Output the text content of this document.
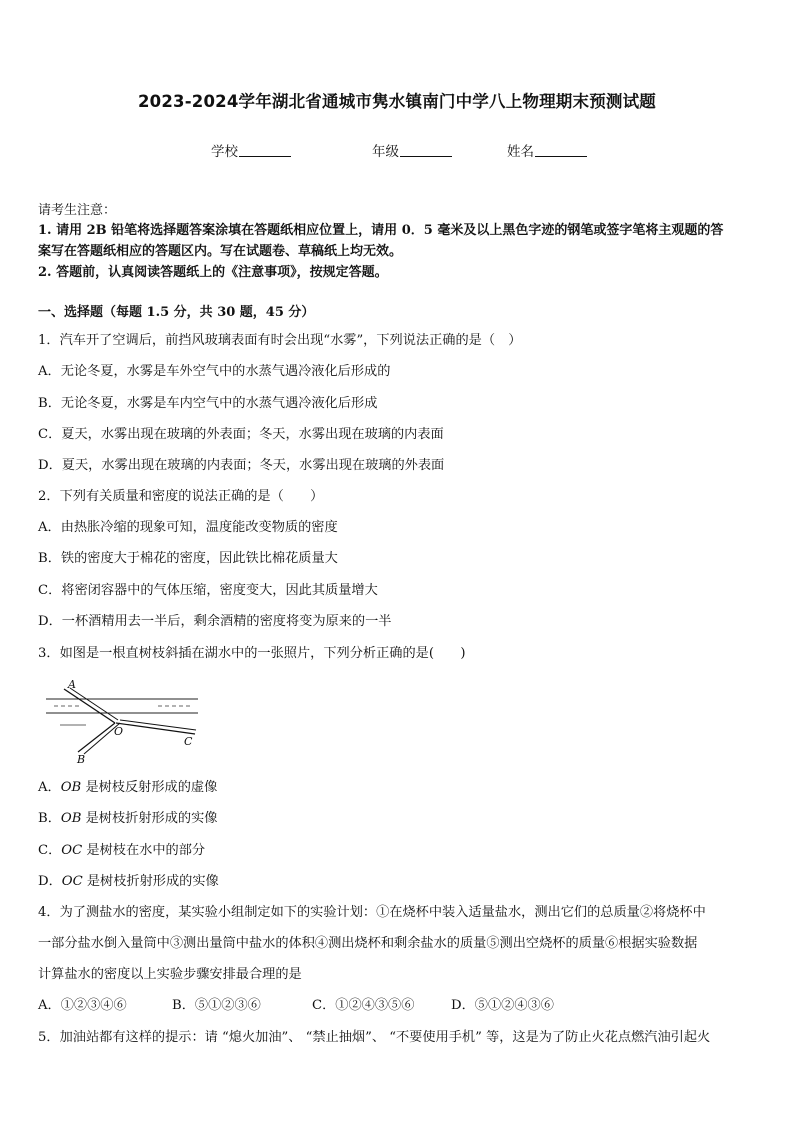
2023-2024学年湖北省通城市隽水镇南门中学八上物理期末预测试题
学校	年级	姓名
请考生注意：
1. 请用 2B 铅笔将选择题答案涂填在答题纸相应位置上，请用 0．5 毫米及以上黑色字迹的钢笔或签字笔将主观题的答
案写在答题纸相应的答题区内。写在试题卷、草稿纸上均无效。
2. 答题前，认真阅读答题纸上的《注意事项》，按规定答题。
一、选择题（每题 1.5 分，共 30 题，45 分）
1．汽车开了空调后，前挡风玻璃表面有时会出现“水雾”，下列说法正确的是（　）
A．无论冬夏，水雾是车外空气中的水蒸气遇冷液化后形成的
B．无论冬夏，水雾是车内空气中的水蒸气遇冷液化后形成
C．夏天，水雾出现在玻璃的外表面；冬天，水雾出现在玻璃的内表面
D．夏天，水雾出现在玻璃的内表面；冬天，水雾出现在玻璃的外表面
2．下列有关质量和密度的说法正确的是（　　）
A．由热胀冷缩的现象可知，温度能改变物质的密度
B．铁的密度大于棉花的密度，因此铁比棉花质量大
C．将密闭容器中的气体压缩，密度变大，因此其质量增大
D．一杯酒精用去一半后，剩余酒精的密度将变为原来的一半
3．如图是一根直树枝斜插在湖水中的一张照片，下列分析正确的是(　　)
A
O
B
C
A．OB 是树枝反射形成的虚像
B．OB 是树枝折射形成的实像
C．OC 是树枝在水中的部分
D．OC 是树枝折射形成的实像
4．为了测盐水的密度，某实验小组制定如下的实验计划：①在烧杯中装入适量盐水，测出它们的总质量②将烧杯中
一部分盐水倒入量筒中③测出量筒中盐水的体积④测出烧杯和剩余盐水的质量⑤测出空烧杯的质量⑥根据实验数据
计算盐水的密度以上实验步骤安排最合理的是
A．①②③④⑥	B．⑤①②③⑥	C．①②④③⑤⑥	D．⑤①②④③⑥
5．加油站都有这样的提示：请 “熄火加油”、 “禁止抽烟”、 “不要使用手机” 等，这是为了防止火花点燃汽油引起火
